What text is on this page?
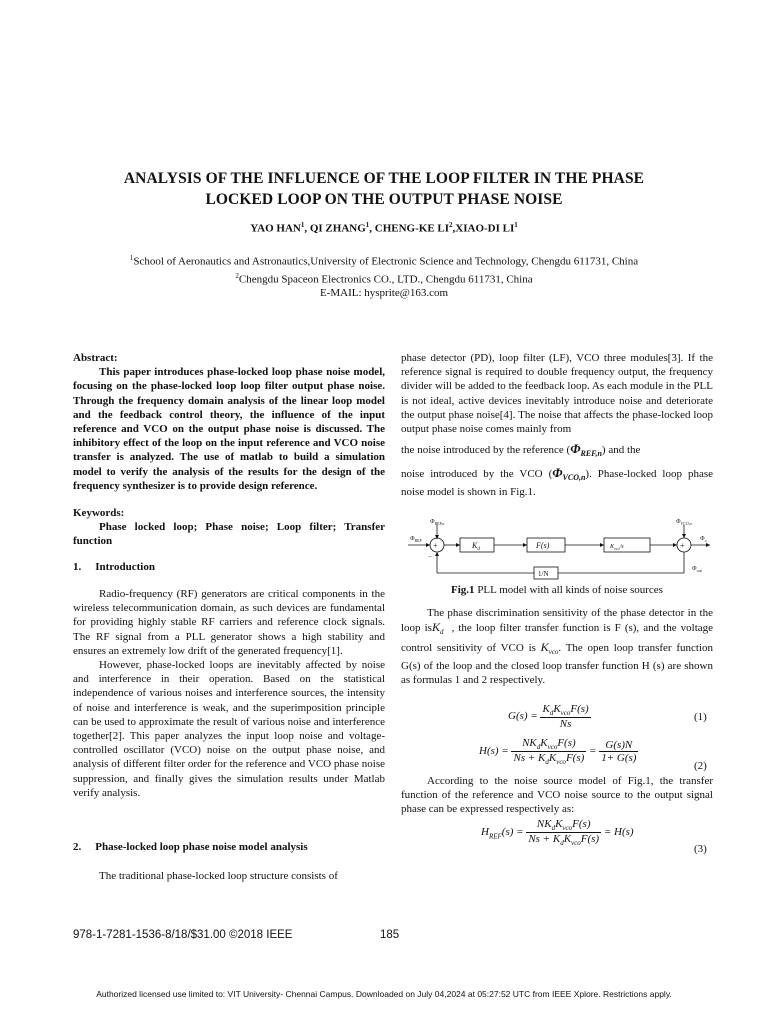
ANALYSIS OF THE INFLUENCE OF THE LOOP FILTER IN THE PHASE
LOCKED LOOP ON THE OUTPUT PHASE NOISE
YAO HAN$^1$, QI ZHANG$^1$, CHENG-KE $LI^2,XIAO-DI$ $LI^1$
$^1$School of Aeronautics and Astronautics,University of Electronic Science and Technology, Chengdu 611731, China
$^2$Chengdu Spaceon Electronics CO., LTD., Chengdu 611731, China
E-MAIL: hysprite@163.com
Abstract:

This paper introduces phase-locked loop phase noise model, focusing on the phase-locked loop loop filter output phase noise. Through the frequency domain analysis of the linear loop model and the feedback control theory, the influence of the input reference and VCO on the output phase noise is discussed. The inhibitory effect of the loop on the input reference and VCO noise transfer is analyzed. The use of matlab to build a simulation model to verify the analysis of the results for the design of the frequency synthesizer is to provide design reference.

Keywords:

Phase locked loop; Phase noise; Loop filter; Transfer function

1. Introduction

Radio-frequency (RF) generators are critical components in the wireless telecommunication domain, as such devices are fundamental for providing highly stable RF carriers and reference clock signals. The RF signal from a PLL generator shows a high stability and ensures an extremely low drift of the generated frequency[1].

However, phase-locked loops are inevitably affected by noise and interference in their operation. Based on the statistical independence of various noises and interference sources, the intensity of noise and interference is weak, and the superimposition principle can be used to approximate the result of various noise and interference together[2]. This paper analyzes the input loop noise and voltage-controlled oscillator (VCO) noise on the output phase noise, and analysis of different filter order for the reference and VCO phase noise suppression, and finally gives the simulation results under Matlab verify analysis.

2. Phase-locked loop phase noise model analysis

The traditional phase-locked loop structure consists of

phase detector (PD), loop filter (LF), VCO three modules[3]. If the reference signal is required to double frequency output, the frequency divider will be added to the feedback loop. As each module in the PLL is not ideal, active devices inevitably introduce noise and deteriorate the output phase noise[4]. The noise that affects the phase-locked loop output phase noise comes mainly from

the noise introduced by the reference $(\Phi_{REF,n})$ and the

noise introduced by the VCO $(\Phi_{VCO,n})$. Phase-locked loop phase noise model is shown in Fig.1.

$\Phi_{REF,n}$
$\Phi_{REF}$
$\Phi_{VCO,n}$
$\Phi_o$
$\Phi_{out}$
+	+
−
$K_d$	F(s)	$K_{vco}/s$
1/N
Fig.1 PLL model with all kinds of noise sources

The phase discrimination sensitivity of the phase detector in the loop isK$_d$ , the loop filter transfer function is F (s), and the voltage control sensitivity of VCO is $K_{vco}$. The open loop transfer function G(s) of the loop and the closed loop transfer function H (s) are shown as formulas 1 and 2 respectively.

$G(s) = \frac{K_dK_{vco}F(s)}{Ns}$	(1)
$H(s) = \frac{NK_dK_{vco}F(s)}{Ns + K_dK_{vco}F(s)} = \frac{G(s)N}{1+ G(s)}$
(2)

According to the noise source model of Fig.1, the transfer function of the reference and VCO noise source to the output signal phase can be expressed respectively as:

$H_{REF}(s) = \frac{NK_dK_{vco}F(s)}{Ns + K_dK_{vco}F(s)} = H(s)$
(3)
978-1-7281-1536-8/18/$31.00 ©2018 IEEE	185
Authorized licensed use limited to: VIT University- Chennai Campus. Downloaded on July 04,2024 at 05:27:52 UTC from IEEE Xplore. Restrictions apply.
